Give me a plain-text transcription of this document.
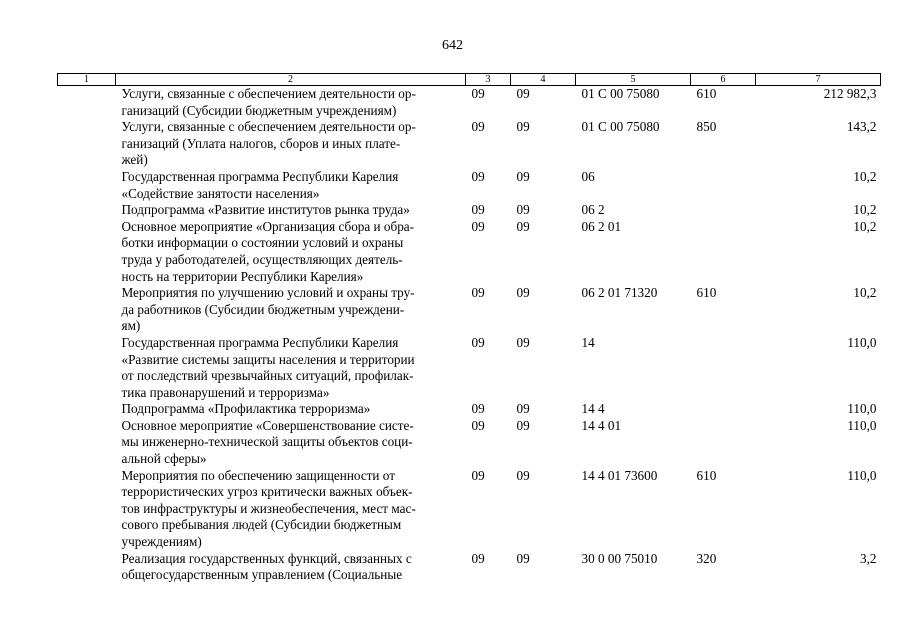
642
1	2	3	4	5	6	7
	Услуги, связанные с обеспечением деятельности ор-
ганизаций (Субсидии бюджетным учреждениям)	09	09	01 С 00 75080	610	212 982,3
	Услуги, связанные с обеспечением деятельности ор-
ганизаций (Уплата налогов, сборов и иных плате-
жей)	09	09	01 С 00 75080	850	143,2
	Государственная программа Республики Карелия
«Содействие занятости населения»	09	09	06		10,2
	Подпрограмма «Развитие институтов рынка труда»	09	09	06 2		10,2
	Основное мероприятие «Организация сбора и обра-
ботки информации о состоянии условий и охраны
труда у работодателей, осуществляющих деятель-
ность на территории Республики Карелия»	09	09	06 2 01		10,2
	Мероприятия по улучшению условий и охраны тру-
да работников (Субсидии бюджетным учреждени-
ям)	09	09	06 2 01 71320	610	10,2
	Государственная программа Республики Карелия
«Развитие системы защиты населения и территории
от последствий чрезвычайных ситуаций, профилак-
тика правонарушений и терроризма»	09	09	14		110,0
	Подпрограмма «Профилактика терроризма»	09	09	14 4		110,0
	Основное мероприятие «Совершенствование систе-
мы инженерно-технической защиты объектов соци-
альной сферы»	09	09	14 4 01		110,0
	Мероприятия по обеспечению защищенности от
террористических угроз критически важных объек-
тов инфраструктуры и жизнеобеспечения, мест мас-
сового пребывания людей (Субсидии бюджетным
учреждениям)	09	09	14 4 01 73600	610	110,0
	Реализация государственных функций, связанных с
общегосударственным управлением (Социальные	09	09	30 0 00 75010	320	3,2
